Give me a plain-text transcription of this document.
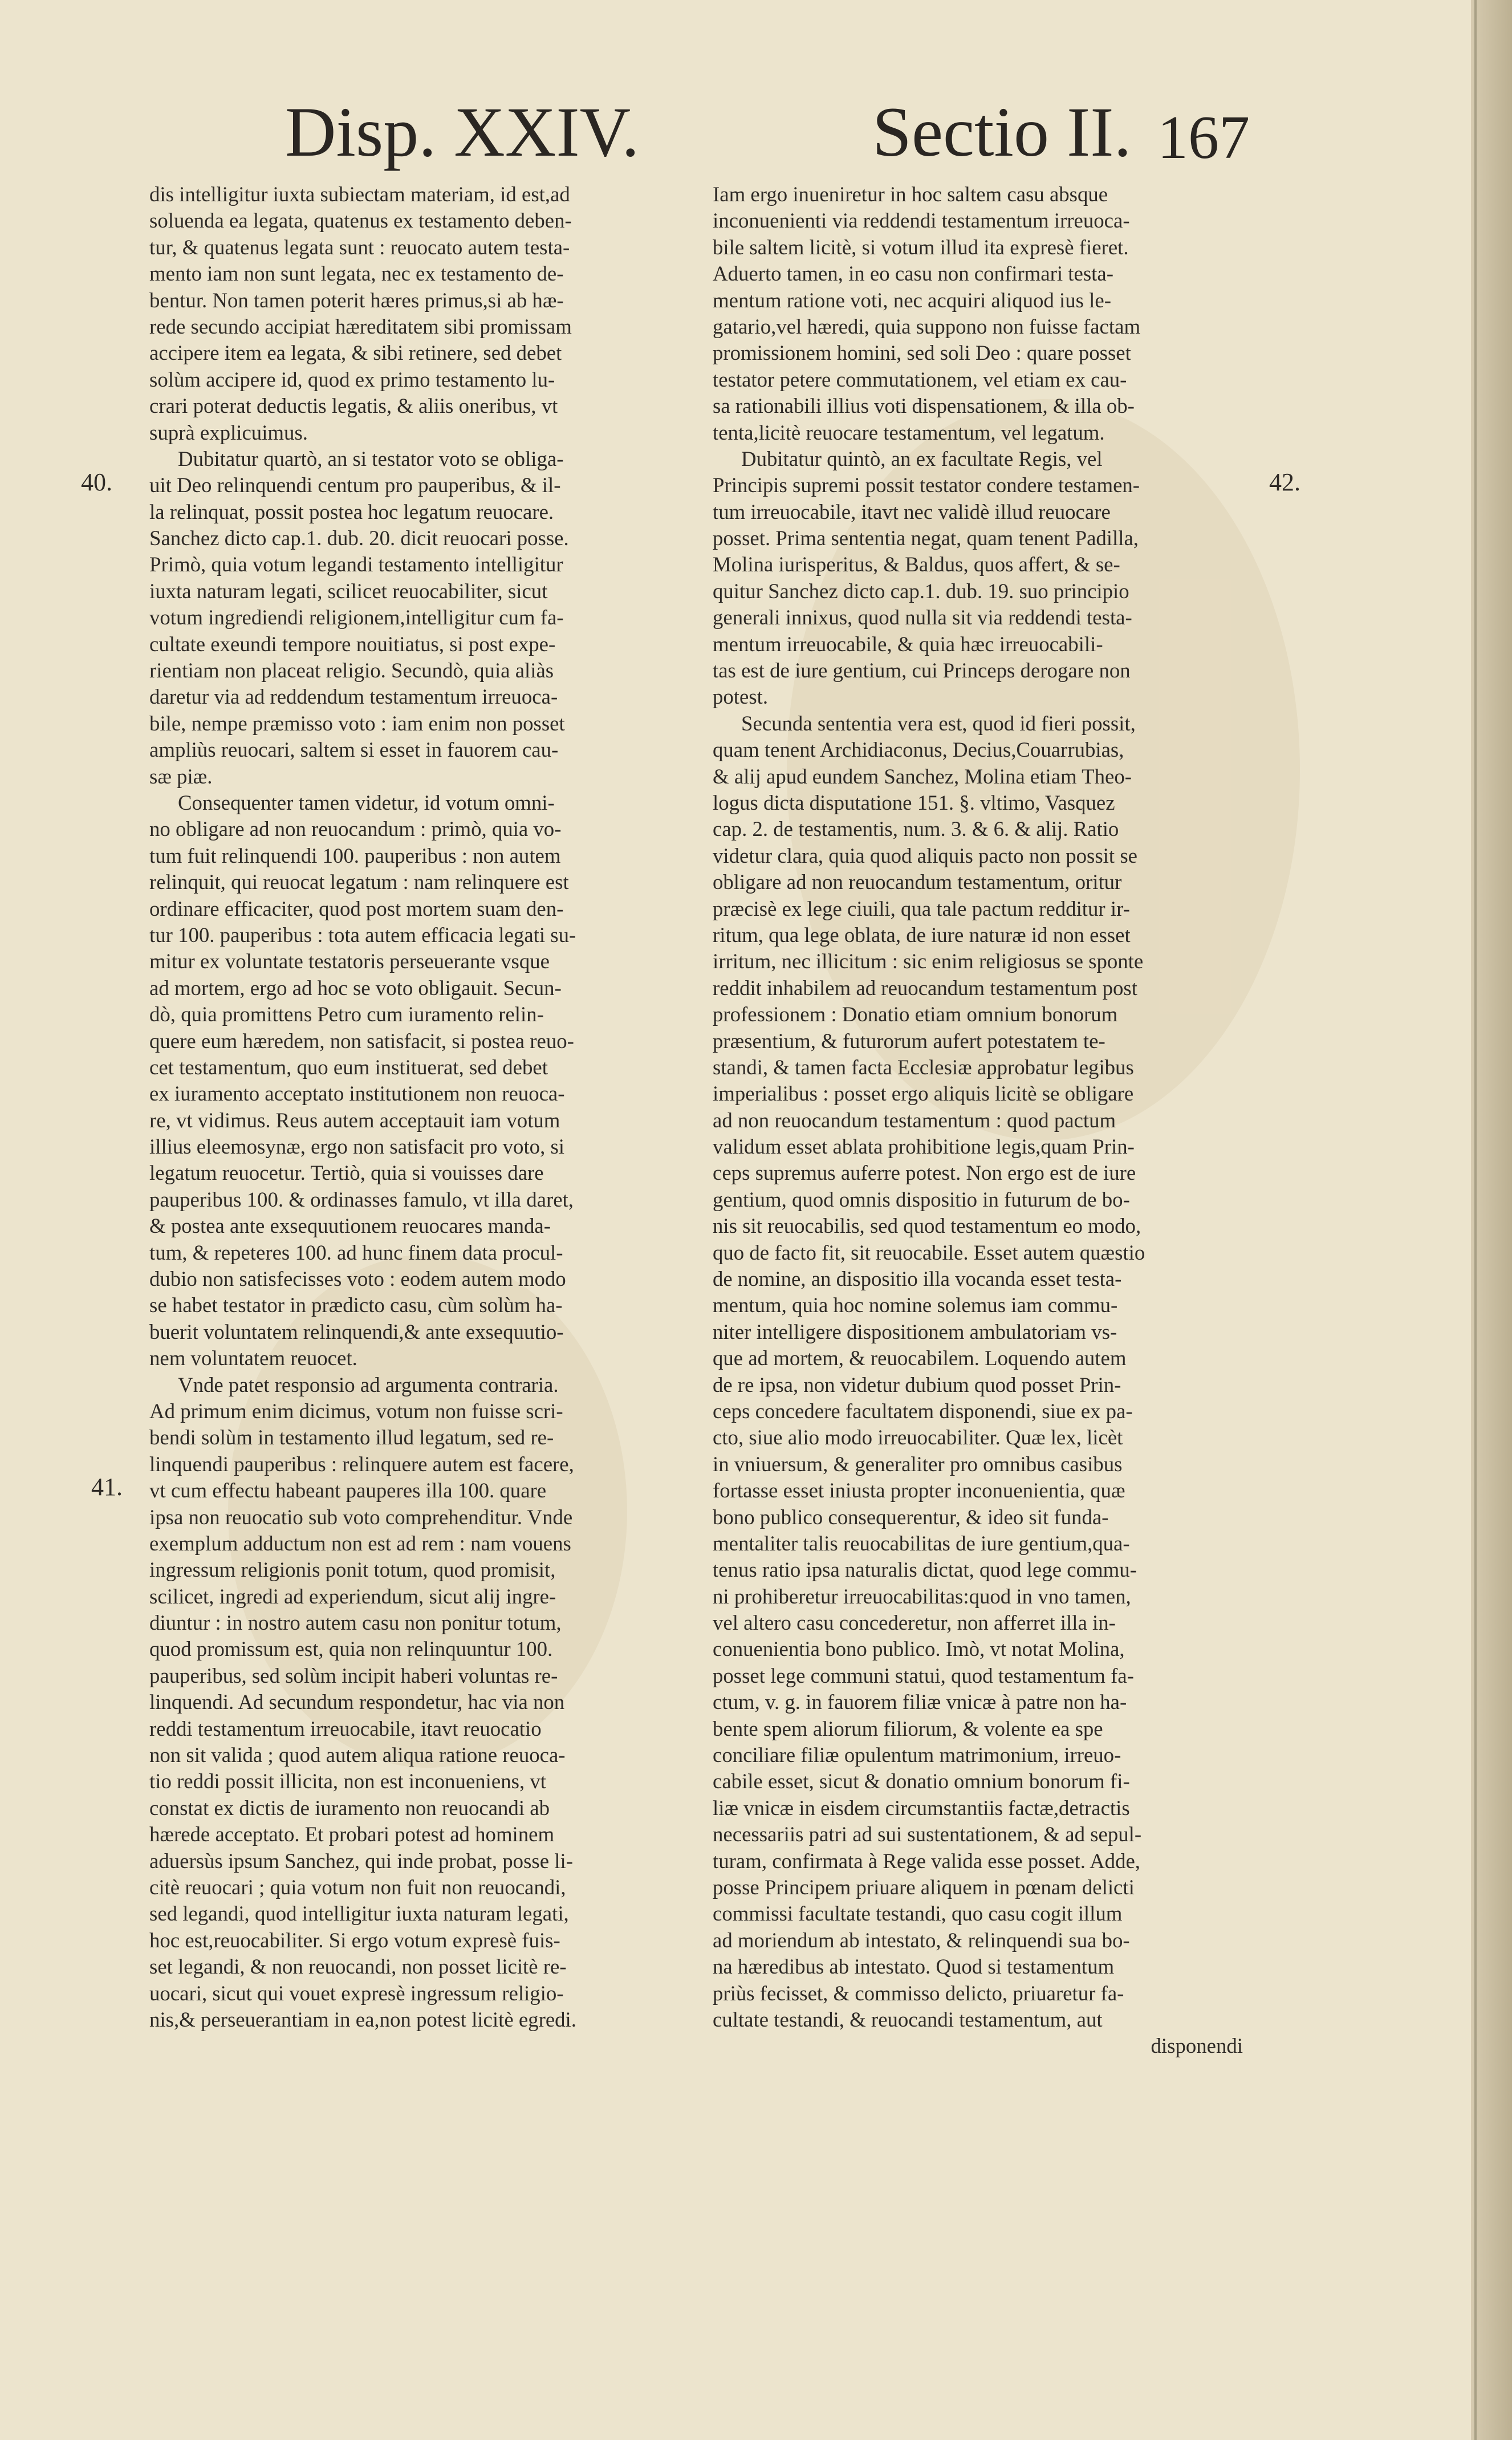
Disp. XXIV.	Sectio II. 167
40.
41.
42.
dis intelligitur iuxta subiectam materiam, id est,ad
soluenda ea legata, quatenus ex testamento deben-
tur, & quatenus legata sunt : reuocato autem testa-
mento iam non sunt legata, nec ex testamento de-
bentur. Non tamen poterit hæres primus,si ab hæ-
rede secundo accipiat hæreditatem sibi promissam
accipere item ea legata, & sibi retinere, sed debet
solùm accipere id, quod ex primo testamento lu-
crari poterat deductis legatis, & aliis oneribus, vt
suprà explicuimus.
Dubitatur quartò, an si testator voto se obliga-
uit Deo relinquendi centum pro pauperibus, & il-
la relinquat, possit postea hoc legatum reuocare.
Sanchez dicto cap.1. dub. 20. dicit reuocari posse.
Primò, quia votum legandi testamento intelligitur
iuxta naturam legati, scilicet reuocabiliter, sicut
votum ingrediendi religionem,intelligitur cum fa-
cultate exeundi tempore nouitiatus, si post expe-
rientiam non placeat religio. Secundò, quia aliàs
daretur via ad reddendum testamentum irreuoca-
bile, nempe præmisso voto : iam enim non posset
ampliùs reuocari, saltem si esset in fauorem cau-
sæ piæ.
Consequenter tamen videtur, id votum omni-
no obligare ad non reuocandum : primò, quia vo-
tum fuit relinquendi 100. pauperibus : non autem
relinquit, qui reuocat legatum : nam relinquere est
ordinare efficaciter, quod post mortem suam den-
tur 100. pauperibus : tota autem efficacia legati su-
mitur ex voluntate testatoris perseuerante vsque
ad mortem, ergo ad hoc se voto obligauit. Secun-
dò, quia promittens Petro cum iuramento relin-
quere eum hæredem, non satisfacit, si postea reuo-
cet testamentum, quo eum instituerat, sed debet
ex iuramento acceptato institutionem non reuoca-
re, vt vidimus. Reus autem acceptauit iam votum
illius eleemosynæ, ergo non satisfacit pro voto, si
legatum reuocetur. Tertiò, quia si vouisses dare
pauperibus 100. & ordinasses famulo, vt illa daret,
& postea ante exsequutionem reuocares manda-
tum, & repeteres 100. ad hunc finem data procul-
dubio non satisfecisses voto : eodem autem modo
se habet testator in prædicto casu, cùm solùm ha-
buerit voluntatem relinquendi,& ante exsequutio-
nem voluntatem reuocet.
Vnde patet responsio ad argumenta contraria.
Ad primum enim dicimus, votum non fuisse scri-
bendi solùm in testamento illud legatum, sed re-
linquendi pauperibus : relinquere autem est facere,
vt cum effectu habeant pauperes illa 100. quare
ipsa non reuocatio sub voto comprehenditur. Vnde
exemplum adductum non est ad rem : nam vouens
ingressum religionis ponit totum, quod promisit,
scilicet, ingredi ad experiendum, sicut alij ingre-
diuntur : in nostro autem casu non ponitur totum,
quod promissum est, quia non relinquuntur 100.
pauperibus, sed solùm incipit haberi voluntas re-
linquendi. Ad secundum respondetur, hac via non
reddi testamentum irreuocabile, itavt reuocatio
non sit valida ; quod autem aliqua ratione reuoca-
tio reddi possit illicita, non est inconueniens, vt
constat ex dictis de iuramento non reuocandi ab
hærede acceptato. Et probari potest ad hominem
aduersùs ipsum Sanchez, qui inde probat, posse li-
citè reuocari ; quia votum non fuit non reuocandi,
sed legandi, quod intelligitur iuxta naturam legati,
hoc est,reuocabiliter. Si ergo votum expresè fuis-
set legandi, & non reuocandi, non posset licitè re-
uocari, sicut qui vouet expresè ingressum religio-
nis,& perseuerantiam in ea,non potest licitè egredi.
Iam ergo inueniretur in hoc saltem casu absque
inconuenienti via reddendi testamentum irreuoca-
bile saltem licitè, si votum illud ita expresè fieret.
Aduerto tamen, in eo casu non confirmari testa-
mentum ratione voti, nec acquiri aliquod ius le-
gatario,vel hæredi, quia suppono non fuisse factam
promissionem homini, sed soli Deo : quare posset
testator petere commutationem, vel etiam ex cau-
sa rationabili illius voti dispensationem, & illa ob-
tenta,licitè reuocare testamentum, vel legatum.
Dubitatur quintò, an ex facultate Regis, vel
Principis supremi possit testator condere testamen-
tum irreuocabile, itavt nec validè illud reuocare
posset. Prima sententia negat, quam tenent Padilla,
Molina iurisperitus, & Baldus, quos affert, & se-
quitur Sanchez dicto cap.1. dub. 19. suo principio
generali innixus, quod nulla sit via reddendi testa-
mentum irreuocabile, & quia hæc irreuocabili-
tas est de iure gentium, cui Princeps derogare non
potest.
Secunda sententia vera est, quod id fieri possit,
quam tenent Archidiaconus, Decius,Couarrubias,
& alij apud eundem Sanchez, Molina etiam Theo-
logus dicta disputatione 151. §. vltimo, Vasquez
cap. 2. de testamentis, num. 3. & 6. & alij. Ratio
videtur clara, quia quod aliquis pacto non possit se
obligare ad non reuocandum testamentum, oritur
præcisè ex lege ciuili, qua tale pactum redditur ir-
ritum, qua lege oblata, de iure naturæ id non esset
irritum, nec illicitum : sic enim religiosus se sponte
reddit inhabilem ad reuocandum testamentum post
professionem : Donatio etiam omnium bonorum
præsentium, & futurorum aufert potestatem te-
standi, & tamen facta Ecclesiæ approbatur legibus
imperialibus : posset ergo aliquis licitè se obligare
ad non reuocandum testamentum : quod pactum
validum esset ablata prohibitione legis,quam Prin-
ceps supremus auferre potest. Non ergo est de iure
gentium, quod omnis dispositio in futurum de bo-
nis sit reuocabilis, sed quod testamentum eo modo,
quo de facto fit, sit reuocabile. Esset autem quæstio
de nomine, an dispositio illa vocanda esset testa-
mentum, quia hoc nomine solemus iam commu-
niter intelligere dispositionem ambulatoriam vs-
que ad mortem, & reuocabilem. Loquendo autem
de re ipsa, non videtur dubium quod posset Prin-
ceps concedere facultatem disponendi, siue ex pa-
cto, siue alio modo irreuocabiliter. Quæ lex, licèt
in vniuersum, & generaliter pro omnibus casibus
fortasse esset iniusta propter inconuenientia, quæ
bono publico consequerentur, & ideo sit funda-
mentaliter talis reuocabilitas de iure gentium,qua-
tenus ratio ipsa naturalis dictat, quod lege commu-
ni prohiberetur irreuocabilitas:quod in vno tamen,
vel altero casu concederetur, non afferret illa in-
conuenientia bono publico. Imò, vt notat Molina,
posset lege communi statui, quod testamentum fa-
ctum, v. g. in fauorem filiæ vnicæ à patre non ha-
bente spem aliorum filiorum, & volente ea spe
conciliare filiæ opulentum matrimonium, irreuo-
cabile esset, sicut & donatio omnium bonorum fi-
liæ vnicæ in eisdem circumstantiis factæ,detractis
necessariis patri ad sui sustentationem, & ad sepul-
turam, confirmata à Rege valida esse posset. Adde,
posse Principem priuare aliquem in pœnam delicti
commissi facultate testandi, quo casu cogit illum
ad moriendum ab intestato, & relinquendi sua bo-
na hæredibus ab intestato. Quod si testamentum
priùs fecisset, & commisso delicto, priuaretur fa-
cultate testandi, & reuocandi testamentum, aut
disponendi
